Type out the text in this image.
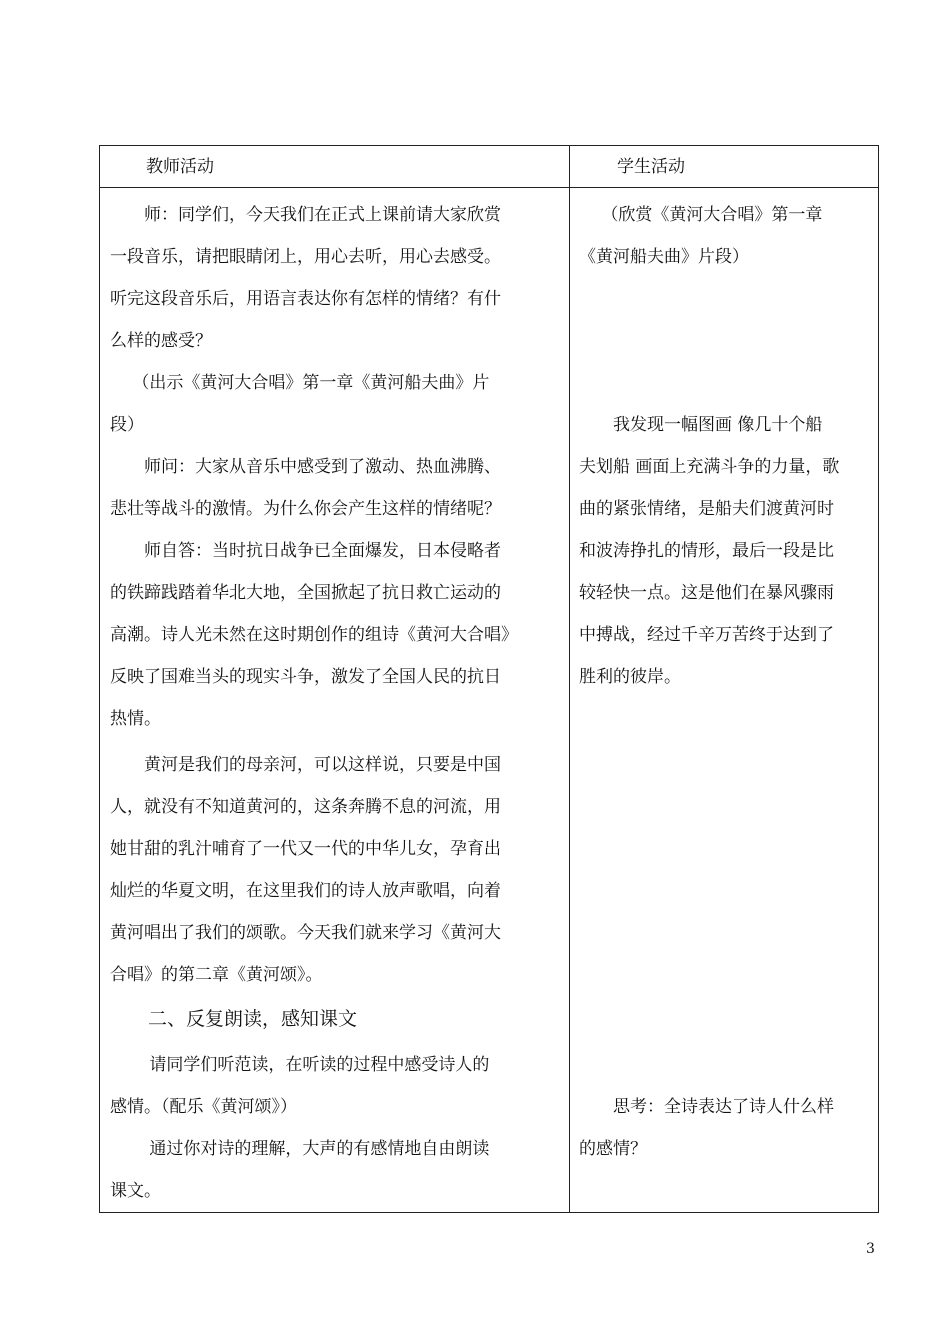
教师活动	学生活动
　　师：同学们，今天我们在正式上课前请大家欣赏
一段音乐，请把眼睛闭上，用心去听，用心去感受。
听完这段音乐后，用语言表达你有怎样的情绪？有什
么样的感受？
　 （出示《黄河大合唱》第一章《黄河船夫曲》片
段）
　　师问：大家从音乐中感受到了激动、热血沸腾、
悲壮等战斗的激情。为什么你会产生这样的情绪呢？
　　师自答：当时抗日战争已全面爆发，日本侵略者
的铁蹄践踏着华北大地，全国掀起了抗日救亡运动的
高潮。诗人光未然在这时期创作的组诗《黄河大合唱》
反映了国难当头的现实斗争，激发了全国人民的抗日
热情。
　　黄河是我们的母亲河，可以这样说，只要是中国
人，就没有不知道黄河的，这条奔腾不息的河流，用
她甘甜的乳汁哺育了一代又一代的中华儿女，孕育出
灿烂的华夏文明，在这里我们的诗人放声歌唱，向着
黄河唱出了我们的颂歌。今天我们就来学习《黄河大
合唱》的第二章《黄河颂》。
　　二、反复朗读，感知课文
　　 请同学们听范读，在听读的过程中感受诗人的
感情。（配乐《黄河颂》）
　　 通过你对诗的理解，大声的有感情地自由朗读
课文。
　 （欣赏《黄河大合唱》第一章
《黄河船夫曲》片段）
　　我发现一幅图画 像几十个船
夫划船 画面上充满斗争的力量，歌
曲的紧张情绪，是船夫们渡黄河时
和波涛挣扎的情形，最后一段是比
较轻快一点。这是他们在暴风骤雨
中搏战，经过千辛万苦终于达到了
胜利的彼岸。
　　思考：全诗表达了诗人什么样
的感情？
3
